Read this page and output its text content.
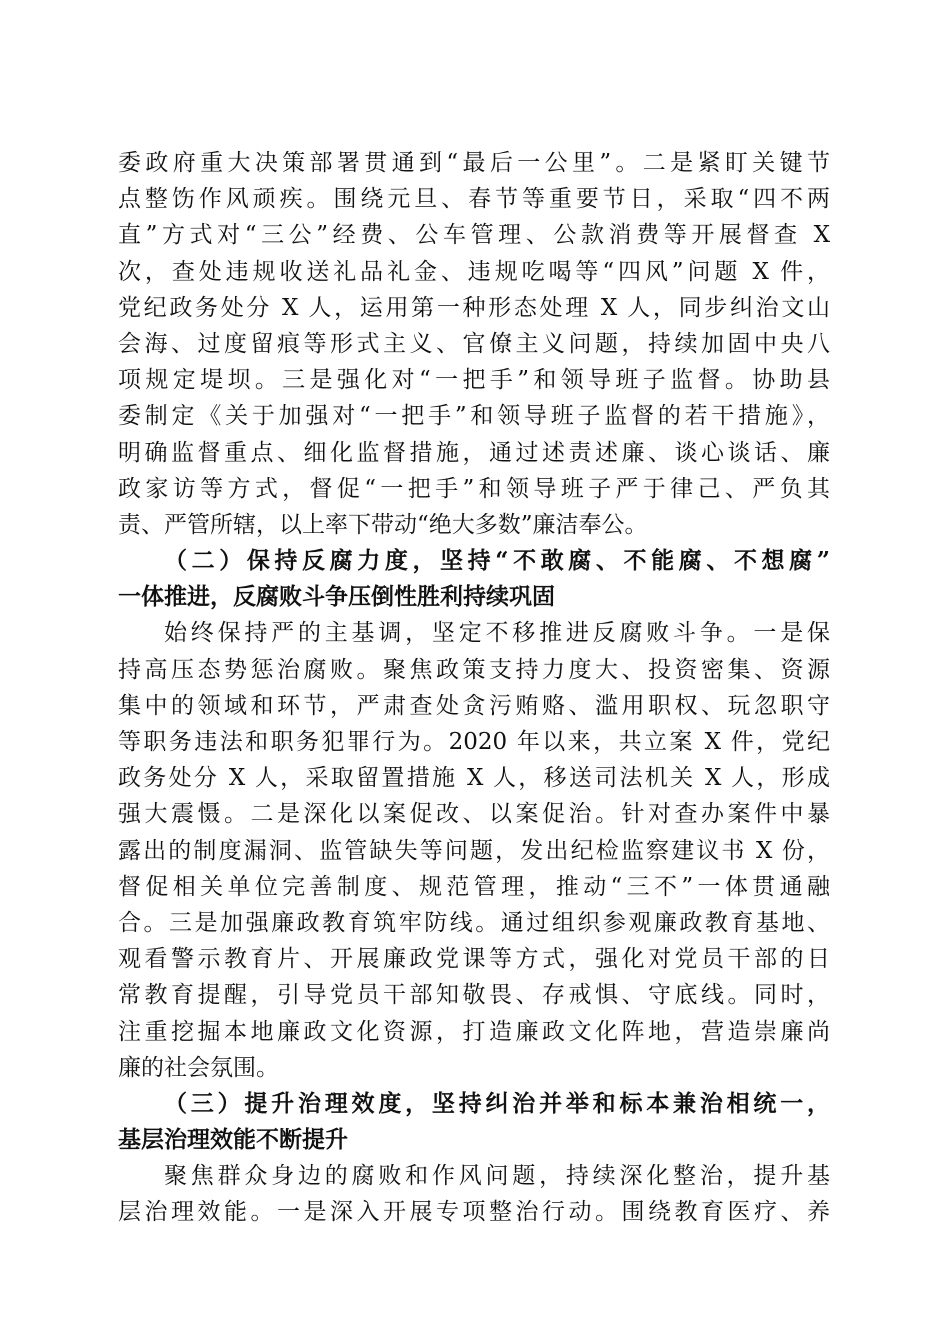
委政府重大决策部署贯通到“最后一公里”。二是紧盯关键节
点整饬作风顽疾。围绕元旦、春节等重要节日，采取“四不两
直”方式对“三公”经费、公车管理、公款消费等开展督查 X
次，查处违规收送礼品礼金、违规吃喝等“四风”问题 X 件，
党纪政务处分 X 人，运用第一种形态处理 X 人，同步纠治文山
会海、过度留痕等形式主义、官僚主义问题，持续加固中央八
项规定堤坝。三是强化对“一把手”和领导班子监督。协助县
委制定《关于加强对“一把手”和领导班子监督的若干措施》，
明确监督重点、细化监督措施，通过述责述廉、谈心谈话、廉
政家访等方式，督促“一把手”和领导班子严于律己、严负其
责、严管所辖，以上率下带动“绝大多数”廉洁奉公。
（二）保持反腐力度，坚持“不敢腐、不能腐、不想腐”
一体推进，反腐败斗争压倒性胜利持续巩固
始终保持严的主基调，坚定不移推进反腐败斗争。一是保
持高压态势惩治腐败。聚焦政策支持力度大、投资密集、资源
集中的领域和环节，严肃查处贪污贿赂、滥用职权、玩忽职守
等职务违法和职务犯罪行为。2020 年以来，共立案 X 件，党纪
政务处分 X 人，采取留置措施 X 人，移送司法机关 X 人，形成
强大震慑。二是深化以案促改、以案促治。针对查办案件中暴
露出的制度漏洞、监管缺失等问题，发出纪检监察建议书 X 份，
督促相关单位完善制度、规范管理，推动“三不”一体贯通融
合。三是加强廉政教育筑牢防线。通过组织参观廉政教育基地、
观看警示教育片、开展廉政党课等方式，强化对党员干部的日
常教育提醒，引导党员干部知敬畏、存戒惧、守底线。同时，
注重挖掘本地廉政文化资源，打造廉政文化阵地，营造崇廉尚
廉的社会氛围。
（三）提升治理效度，坚持纠治并举和标本兼治相统一，
基层治理效能不断提升
聚焦群众身边的腐败和作风问题，持续深化整治，提升基
层治理效能。一是深入开展专项整治行动。围绕教育医疗、养
